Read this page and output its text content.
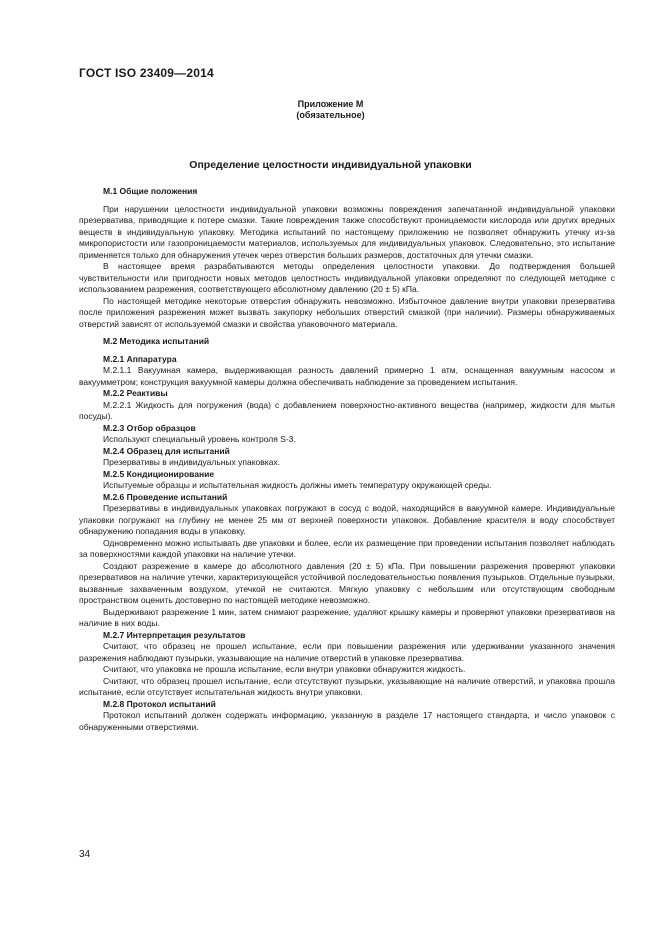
ГОСТ ISO 23409—2014
Приложение М
(обязательное)
Определение целостности индивидуальной упаковки

М.1 Общие положения

При нарушении целостности индивидуальной упаковки возможны повреждения запечатанной индивидуальной упаковки презерватива, приводящие к потере смазки. Такие повреждения также способствуют проницаемости кислорода или других вредных веществ в индивидуальную упаковку. Методика испытаний по настоящему приложению не позволяет обнаружить утечку из-за микропористости или газопроницаемости материалов, используемых для индивидуальных упаковок. Следовательно, это испытание применяется только для обнаружения утечек через отверстия больших размеров, достаточных для утечки смазки.

В настоящее время разрабатываются методы определения целостности упаковки. До подтверждения большей чувствительности или пригодности новых методов целостность индивидуальной упаковки определяют по следующей методике с использованием разрежения, соответствующего абсолютному давлению (20 ± 5) кПа.

По настоящей методике некоторые отверстия обнаружить невозможно. Избыточное давление внутри упаковки презерватива после приложения разрежения может вызвать закупорку небольших отверстий смазкой (при наличии). Размеры обнаруживаемых отверстий зависят от используемой смазки и свойства упаковочного материала.

М.2 Методика испытаний

М.2.1 Аппаратура

М.2.1.1 Вакуумная камера, выдерживающая разность давлений примерно 1 атм, оснащенная вакуумным насосом и вакуумметром; конструкция вакуумной камеры должна обеспечивать наблюдение за проведением испытания.

М.2.2 Реактивы

М.2.2.1 Жидкость для погружения (вода) с добавлением поверхностно-активного вещества (например, жидкости для мытья посуды).

М.2.3 Отбор образцов

Используют специальный уровень контроля S-3.

М.2.4 Образец для испытаний

Презервативы в индивидуальных упаковках.

М.2.5 Кондиционирование

Испытуемые образцы и испытательная жидкость должны иметь температуру окружающей среды.

М.2.6 Проведение испытаний

Презервативы в индивидуальных упаковках погружают в сосуд с водой, находящийся в вакуумной камере. Индивидуальные упаковки погружают на глубину не менее 25 мм от верхней поверхности упаковок. Добавление красителя в воду способствует обнаружению попадания воды в упаковку.

Одновременно можно испытывать две упаковки и более, если их размещение при проведении испытания позволяет наблюдать за поверхностями каждой упаковки на наличие утечки.

Создают разрежение в камере до абсолютного давления (20 ± 5) кПа. При повышении разрежения проверяют упаковки презервативов на наличие утечки, характеризующейся устойчивой последовательностью появления пузырьков. Отдельные пузырьки, вызванные захваченным воздухом, утечкой не считаются. Мягкую упаковку с небольшим или отсутствующим свободным пространством оценить достоверно по настоящей методике невозможно.

Выдерживают разрежение 1 мин, затем снимают разрежение, удаляют крышку камеры и проверяют упаковки презервативов на наличие в них воды.

М.2.7 Интерпретация результатов

Считают, что образец не прошел испытание, если при повышении разрежения или удерживании указанного значения разрежения наблюдают пузырьки, указывающие на наличие отверстий в упаковке презерватива.

Считают, что упаковка не прошла испытание, если внутри упаковки обнаружится жидкость.

Считают, что образец прошел испытание, если отсутствуют пузырьки, указывающие на наличие отверстий, и упаковка прошла испытание, если отсутствует испытательная жидкость внутри упаковки.

М.2.8 Протокол испытаний

Протокол испытаний должен содержать информацию, указанную в разделе 17 настоящего стандарта, и число упаковок с обнаруженными отверстиями.

34
